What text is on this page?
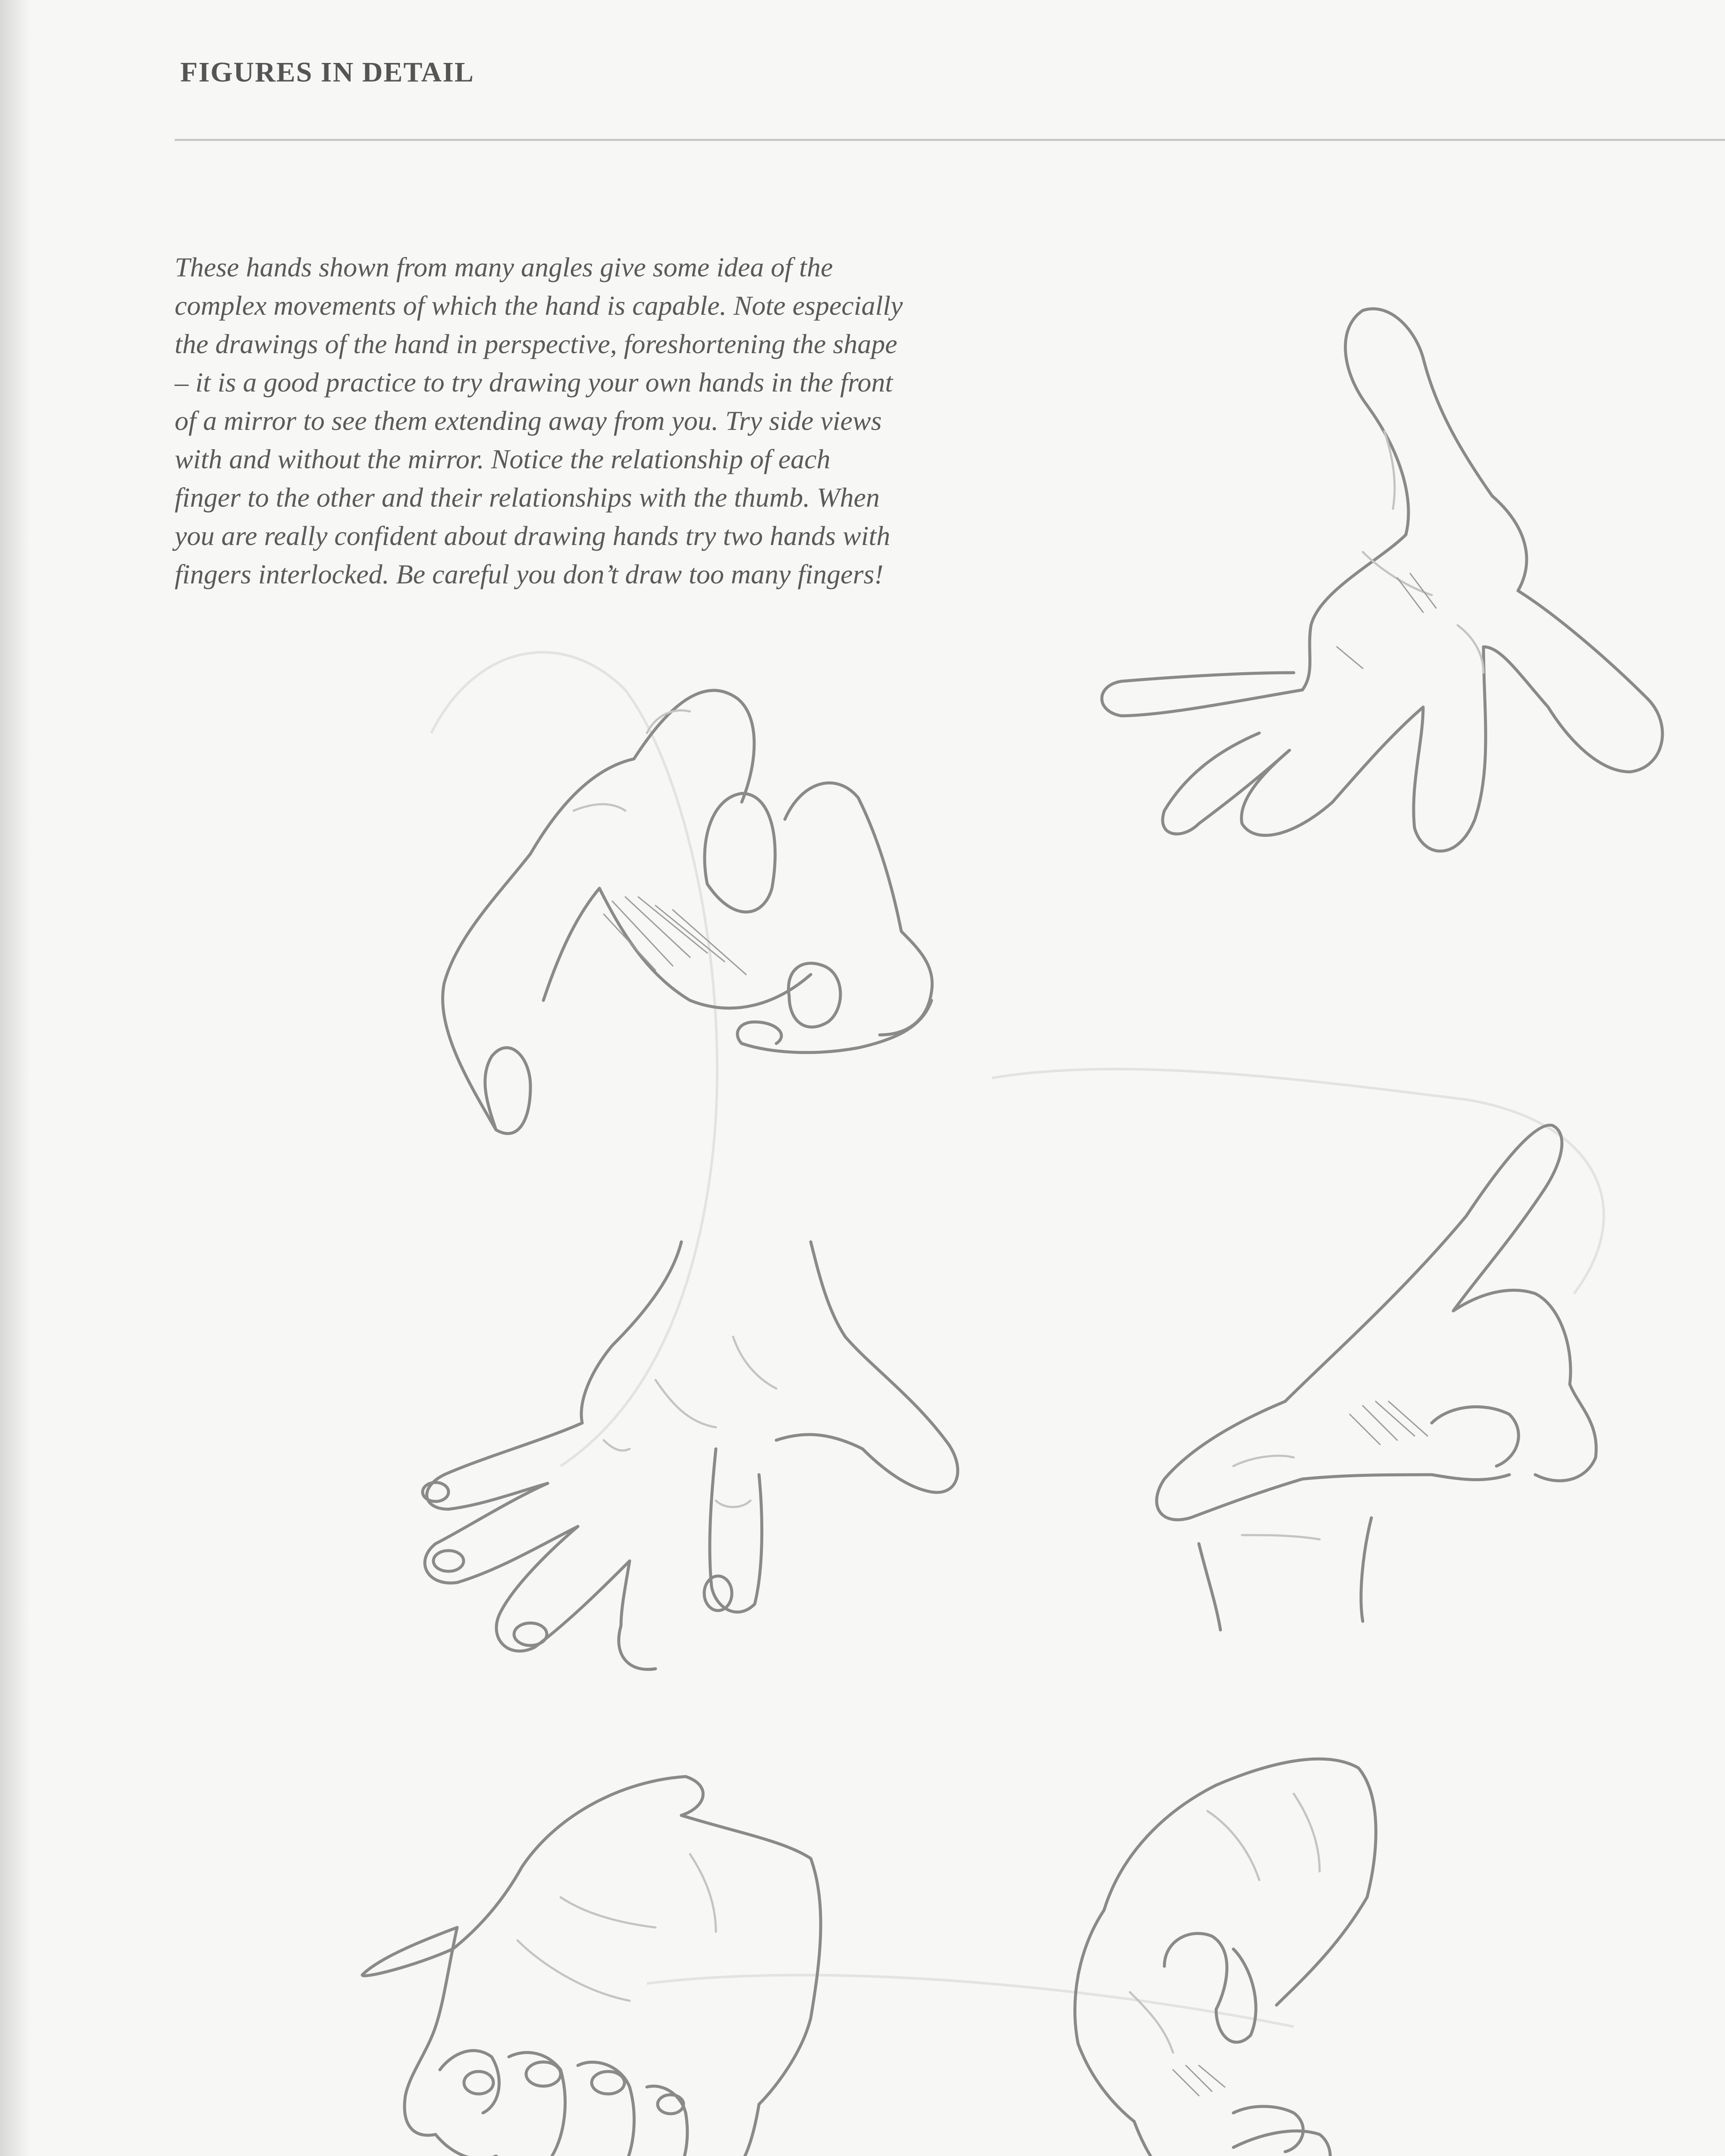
FIGURES IN DETAIL
These hands shown from many angles give some idea of the
complex movements of which the hand is capable. Note especially
the drawings of the hand in perspective, foreshortening the shape
– it is a good practice to try drawing your own hands in the front
of a mirror to see them extending away from you. Try side views
with and without the mirror. Notice the relationship of each
finger to the other and their relationships with the thumb. When
you are really confident about drawing hands try two hands with
fingers interlocked. Be careful you don’t draw too many fingers!
